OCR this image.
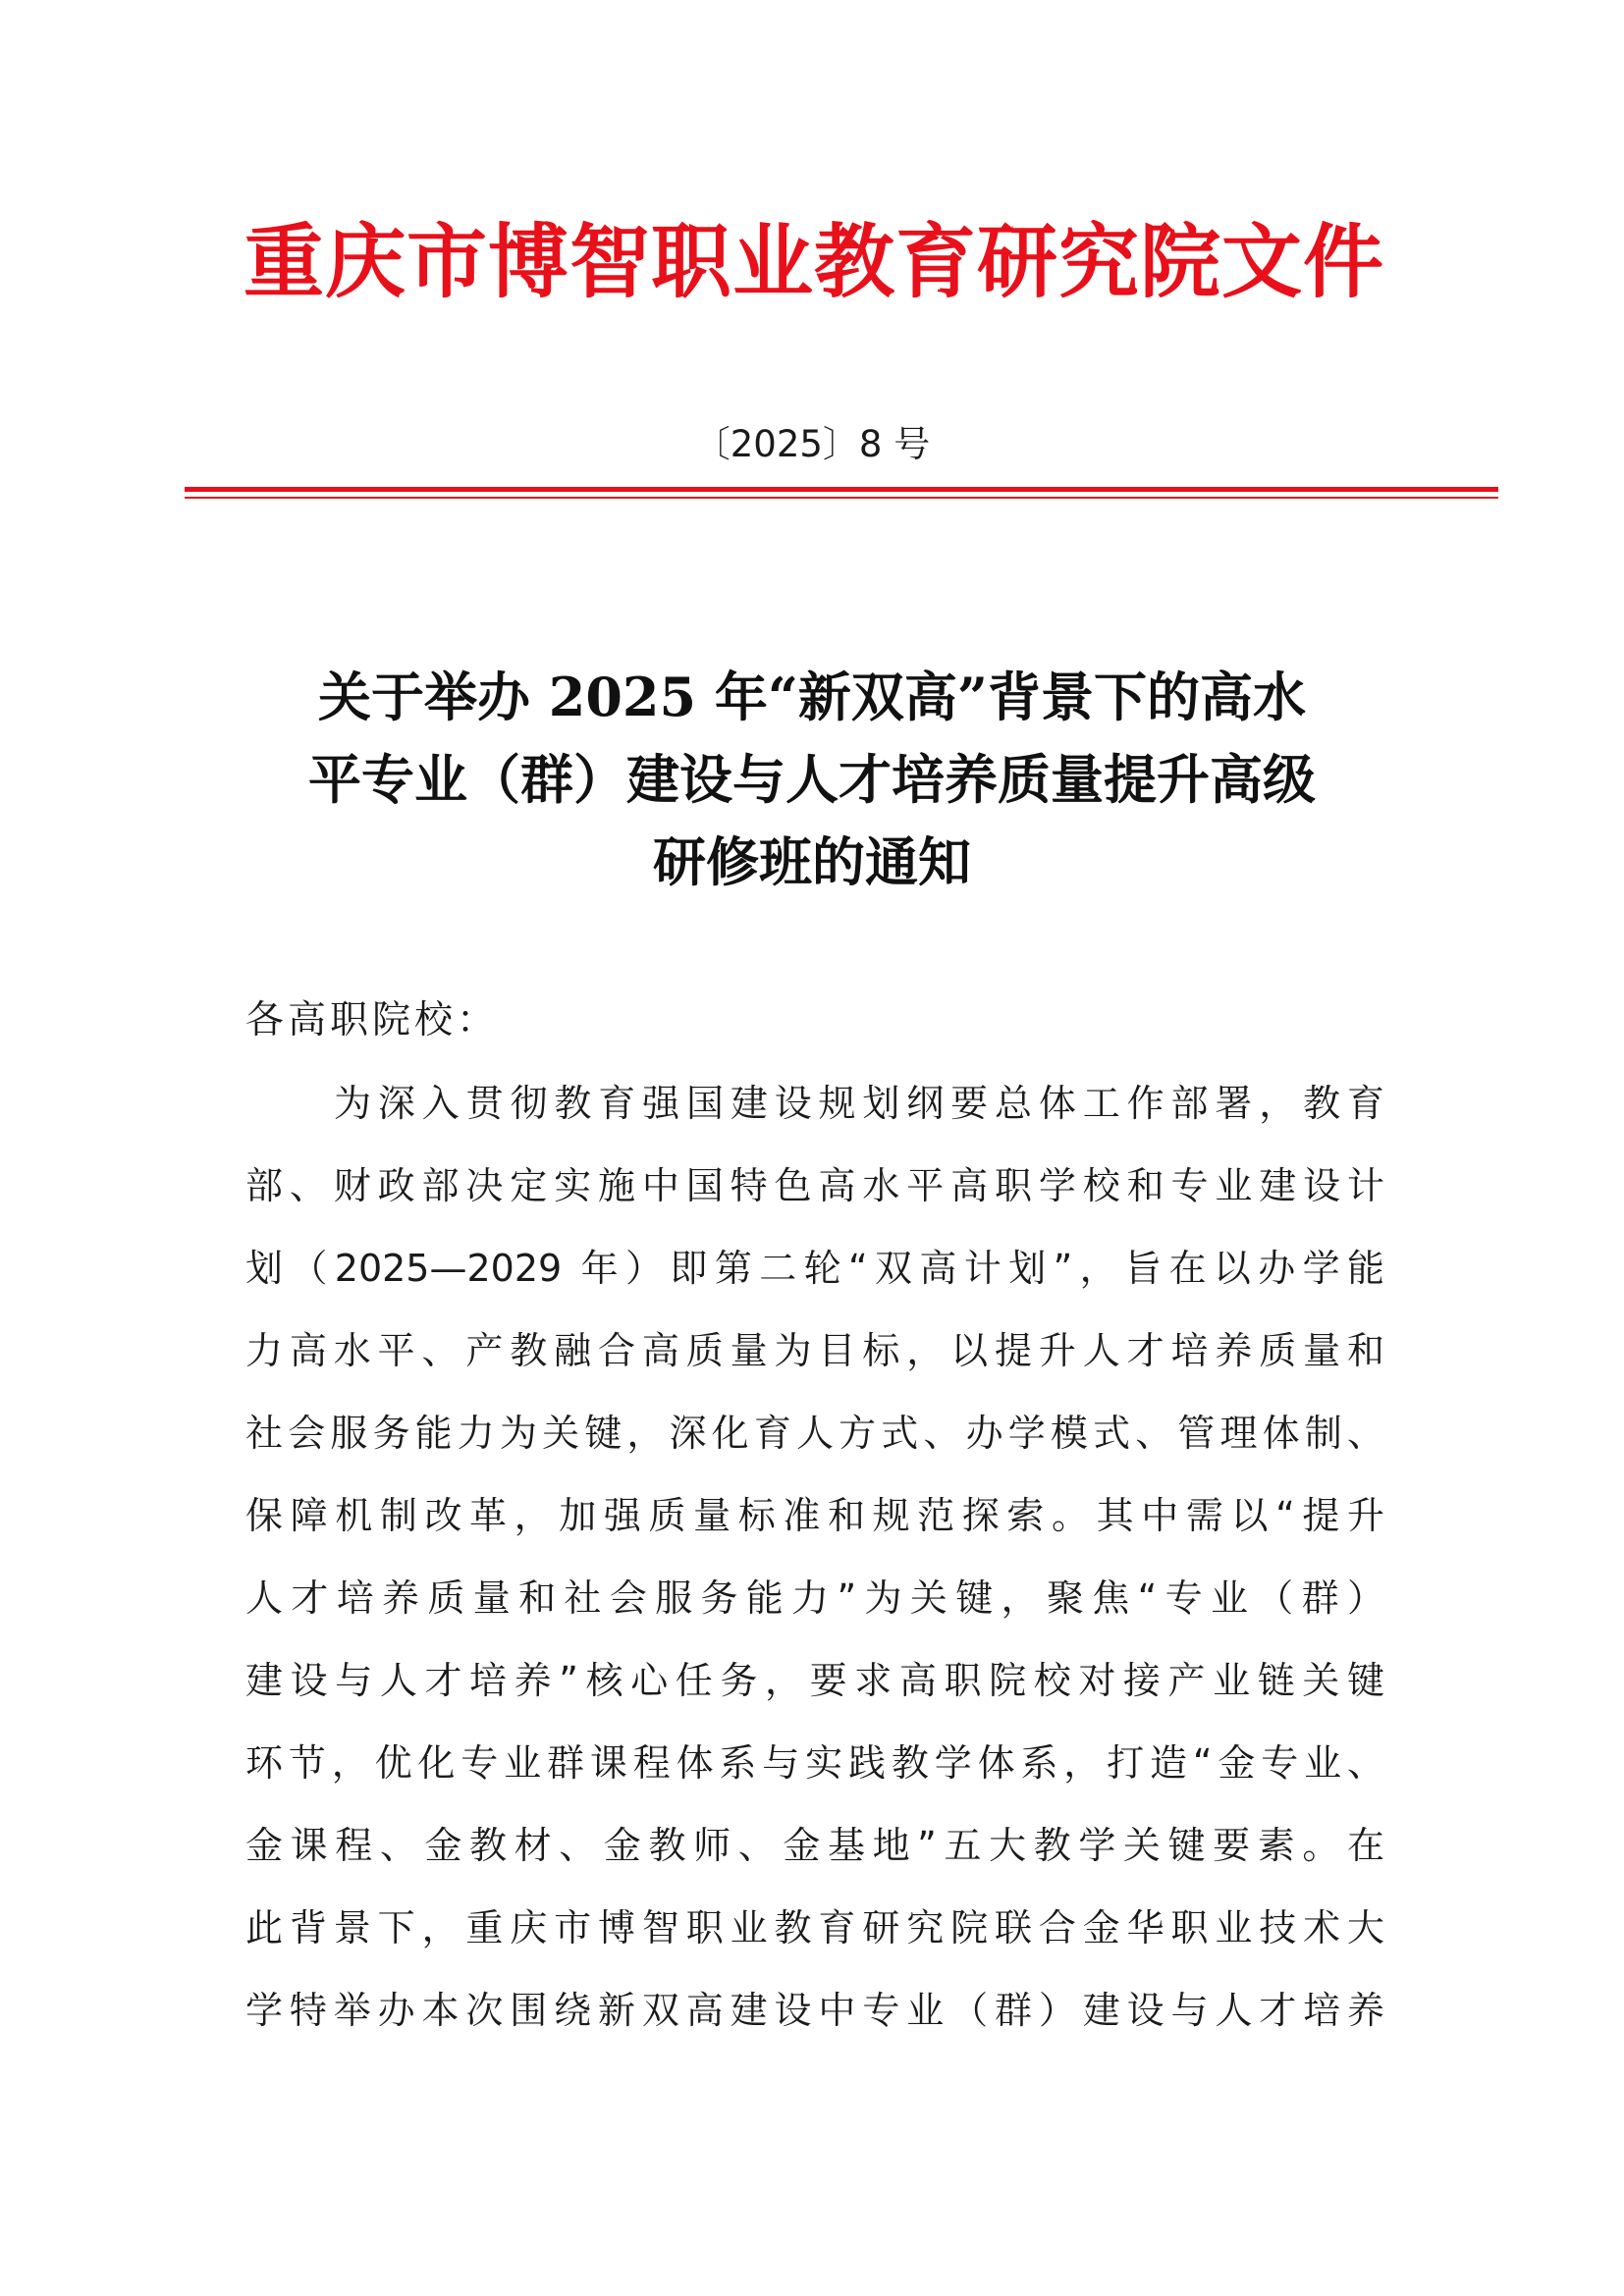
重庆市博智职业教育研究院文件
〔2025〕8 号
关于举办 2025 年“新双高”背景下的高水
平专业（群）建设与人才培养质量提升高级
研修班的通知
各高职院校：
为深入贯彻教育强国建设规划纲要总体工作部署，教育
部、财政部决定实施中国特色高水平高职学校和专业建设计
划（2025—2029 年）即第二轮“双高计划”，旨在以办学能
力高水平、产教融合高质量为目标，以提升人才培养质量和
社会服务能力为关键，深化育人方式、办学模式、管理体制、
保障机制改革，加强质量标准和规范探索。其中需以“提升
人才培养质量和社会服务能力”为关键，聚焦“专业（群）
建设与人才培养”核心任务，要求高职院校对接产业链关键
环节，优化专业群课程体系与实践教学体系，打造“金专业、
金课程、金教材、金教师、金基地”五大教学关键要素。在
此背景下，重庆市博智职业教育研究院联合金华职业技术大
学特举办本次围绕新双高建设中专业（群）建设与人才培养
